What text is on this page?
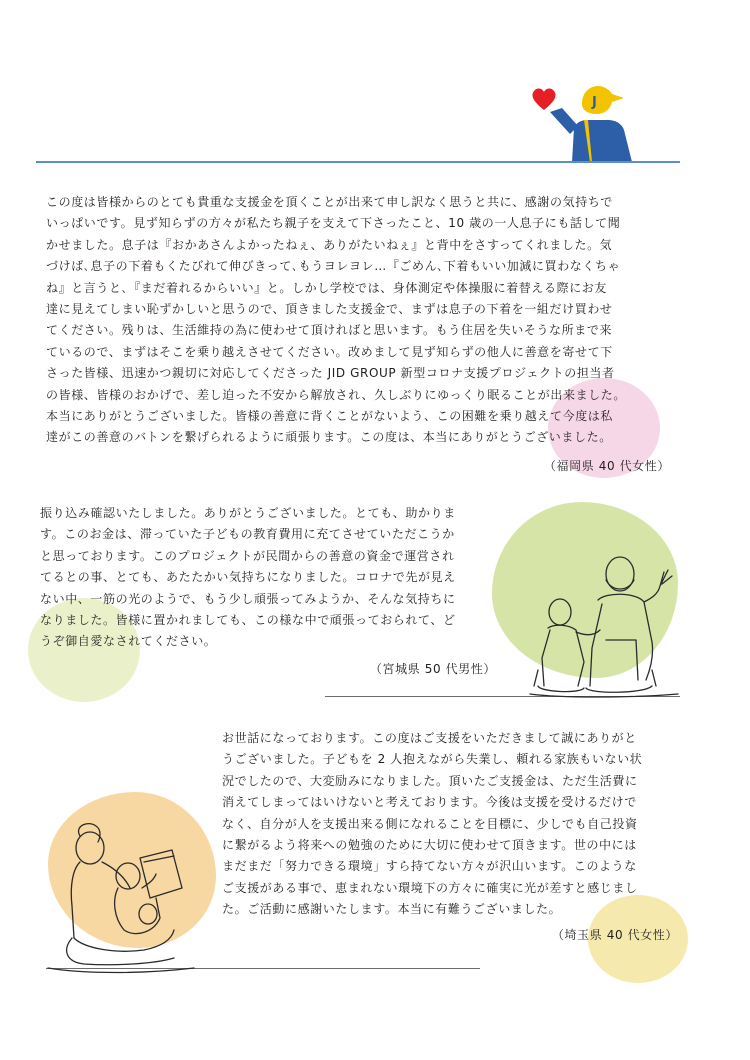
J

この度は皆様からのとても貴重な支援金を頂くことが出来て申し訳なく思うと共に、感謝の気持ちで
いっぱいです。見ず知らずの方々が私たち親子を支えて下さったこと、10 歳の一人息子にも話して聞
かせました。息子は『おかあさんよかったねぇ、ありがたいねぇ』と背中をさすってくれました。気
づけば､息子の下着もくたびれて伸びきって､もうヨレヨレ…『ごめん､下着もいい加減に買わなくちゃ
ね』と言うと､『まだ着れるからいい』と。しかし学校では、身体測定や体操服に着替える際にお友
達に見えてしまい恥ずかしいと思うので、頂きました支援金で、まずは息子の下着を一組だけ買わせ
てください。残りは、生活維持の為に使わせて頂ければと思います。もう住居を失いそうな所まで来
ているので、まずはそこを乗り越えさせてください。改めまして見ず知らずの他人に善意を寄せて下
さった皆様、迅速かつ親切に対応してくださった JID GROUP 新型コロナ支援プロジェクトの担当者
の皆様、皆様のおかげで、差し迫った不安から解放され、久しぶりにゆっくり眠ることが出来ました。
本当にありがとうございました。皆様の善意に背くことがないよう、この困難を乗り越えて今度は私
達がこの善意のバトンを繋げられるように頑張ります。この度は、本当にありがとうございました。

（福岡県 40 代女性）

振り込み確認いたしました。ありがとうございました。とても、助かりま
す。このお金は、滞っていた子どもの教育費用に充てさせていただこうか
と思っております。このプロジェクトが民間からの善意の資金で運営され
てるとの事、とても、あたたかい気持ちになりました。コロナで先が見え
ない中、一筋の光のようで、もう少し頑張ってみようか、そんな気持ちに
なりました。皆様に置かれましても、この様な中で頑張っておられて、ど
うぞ御自愛なされてください。

（宮城県 50 代男性）

お世話になっております。この度はご支援をいただきまして誠にありがと
うございました。子どもを 2 人抱えながら失業し、頼れる家族もいない状
況でしたので、大変励みになりました。頂いたご支援金は、ただ生活費に
消えてしまってはいけないと考えております。今後は支援を受けるだけで
なく、自分が人を支援出来る側になれることを目標に、少しでも自己投資
に繋がるよう将来への勉強のために大切に使わせて頂きます。世の中には
まだまだ「努力できる環境」すら持てない方々が沢山います。このような
ご支援がある事で、恵まれない環境下の方々に確実に光が差すと感じまし
た。ご活動に感謝いたします。本当に有難うございました。

（埼玉県 40 代女性）
